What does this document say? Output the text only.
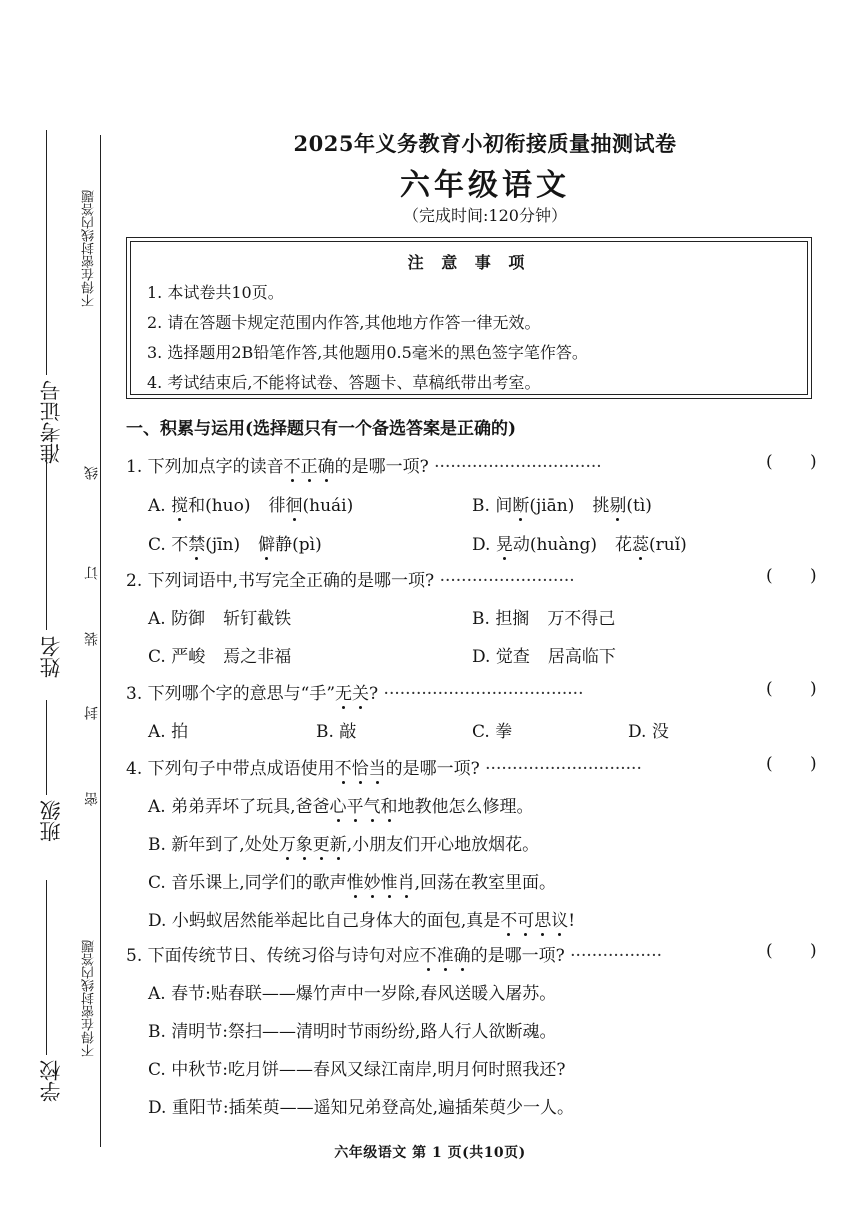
不得在密封线内答题
准考证号
线
订
姓名 装
封
密
班级
不得在密封线内答题
学校
2025年义务教育小初衔接质量抽测试卷
六年级语文
（完成时间:120分钟）
注 意 事 项
1. 本试卷共10页。
2. 请在答题卡规定范围内作答,其他地方作答一律无效。
3. 选择题用2B铅笔作答,其他题用0.5毫米的黑色签字笔作答。
4. 考试结束后,不能将试卷、答题卡、草稿纸带出考室。
一、积累与运用(选择题只有一个备选答案是正确的)
1. 下列加点字的读音不正确的是哪一项? ·······························	( )
A. 搅和(huo) 徘徊(huái)	B. 间断(jiān) 挑剔(tì)
C. 不禁(jīn) 僻静(pì)	D. 晃动(huàng) 花蕊(ruǐ)
2. 下列词语中,书写完全正确的是哪一项? ·························	( )
A. 防御 斩钉截铁	B. 担搁 万不得己
C. 严峻 焉之非福	D. 觉查 居高临下
3. 下列哪个字的意思与“手”无关? ·····································	( )
A. 拍	B. 敲	C. 拳	D. 没
4. 下列句子中带点成语使用不恰当的是哪一项? ·····························	( )
A. 弟弟弄坏了玩具,爸爸心平气和地教他怎么修理。
B. 新年到了,处处万象更新,小朋友们开心地放烟花。
C. 音乐课上,同学们的歌声惟妙惟肖,回荡在教室里面。
D. 小蚂蚁居然能举起比自己身体大的面包,真是不可思议!
5. 下面传统节日、传统习俗与诗句对应不准确的是哪一项? ·················	( )
A. 春节:贴春联——爆竹声中一岁除,春风送暖入屠苏。
B. 清明节:祭扫——清明时节雨纷纷,路人行人欲断魂。
C. 中秋节:吃月饼——春风又绿江南岸,明月何时照我还?
D. 重阳节:插茱萸——遥知兄弟登高处,遍插茱萸少一人。
六年级语文 第 1 页(共10页)
